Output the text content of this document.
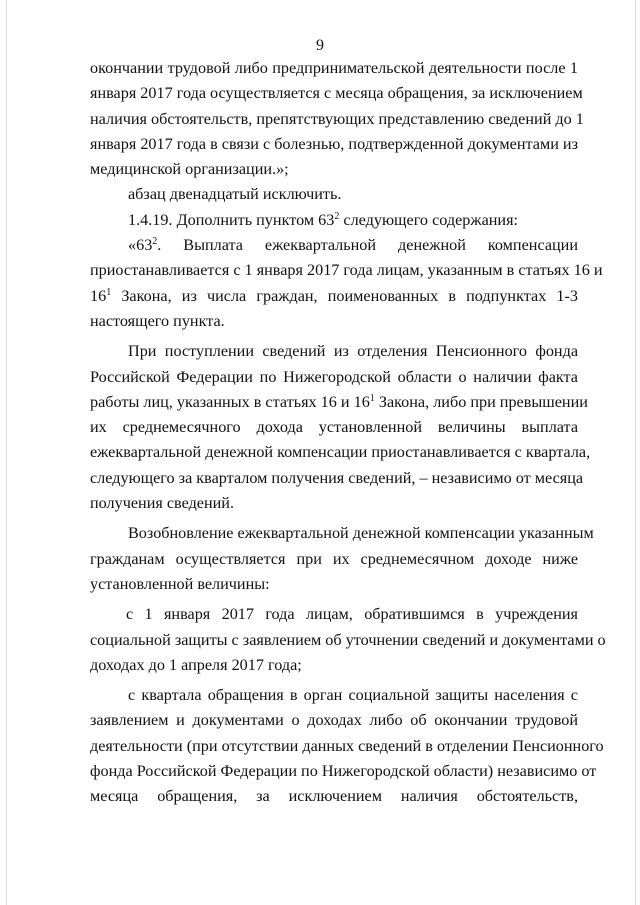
9
окончании трудовой либо предпринимательской деятельности после 1
января 2017 года осуществляется с месяца обращения, за исключением
наличия обстоятельств, препятствующих представлению сведений до 1
января 2017 года в связи с болезнью, подтвержденной документами из
медицинской организации.»;
абзац двенадцатый исключить.
1.4.19. Дополнить пунктом $63^2$ следующего содержания:
«$63^2$. Выплата ежеквартальной денежной компенсации
приостанавливается с 1 января 2017 года лицам, указанным в статьях 16 и
$16^1$ Закона, из числа граждан, поименованных в подпунктах 1-3
настоящего пункта.
При поступлении сведений из отделения Пенсионного фонда
Российской Федерации по Нижегородской области о наличии факта
работы лиц, указанных в статьях 16 и $16^1$ Закона, либо при превышении
их среднемесячного дохода установленной величины выплата
ежеквартальной денежной компенсации приостанавливается с квартала,
следующего за кварталом получения сведений, – независимо от месяца
получения сведений.
Возобновление ежеквартальной денежной компенсации указанным
гражданам осуществляется при их среднемесячном доходе ниже
установленной величины:
с 1 января 2017 года лицам, обратившимся в учреждения
социальной защиты с заявлением об уточнении сведений и документами о
доходах до 1 апреля 2017 года;
с квартала обращения в орган социальной защиты населения с
заявлением и документами о доходах либо об окончании трудовой
деятельности (при отсутствии данных сведений в отделении Пенсионного
фонда Российской Федерации по Нижегородской области) независимо от
месяца обращения, за исключением наличия обстоятельств,
